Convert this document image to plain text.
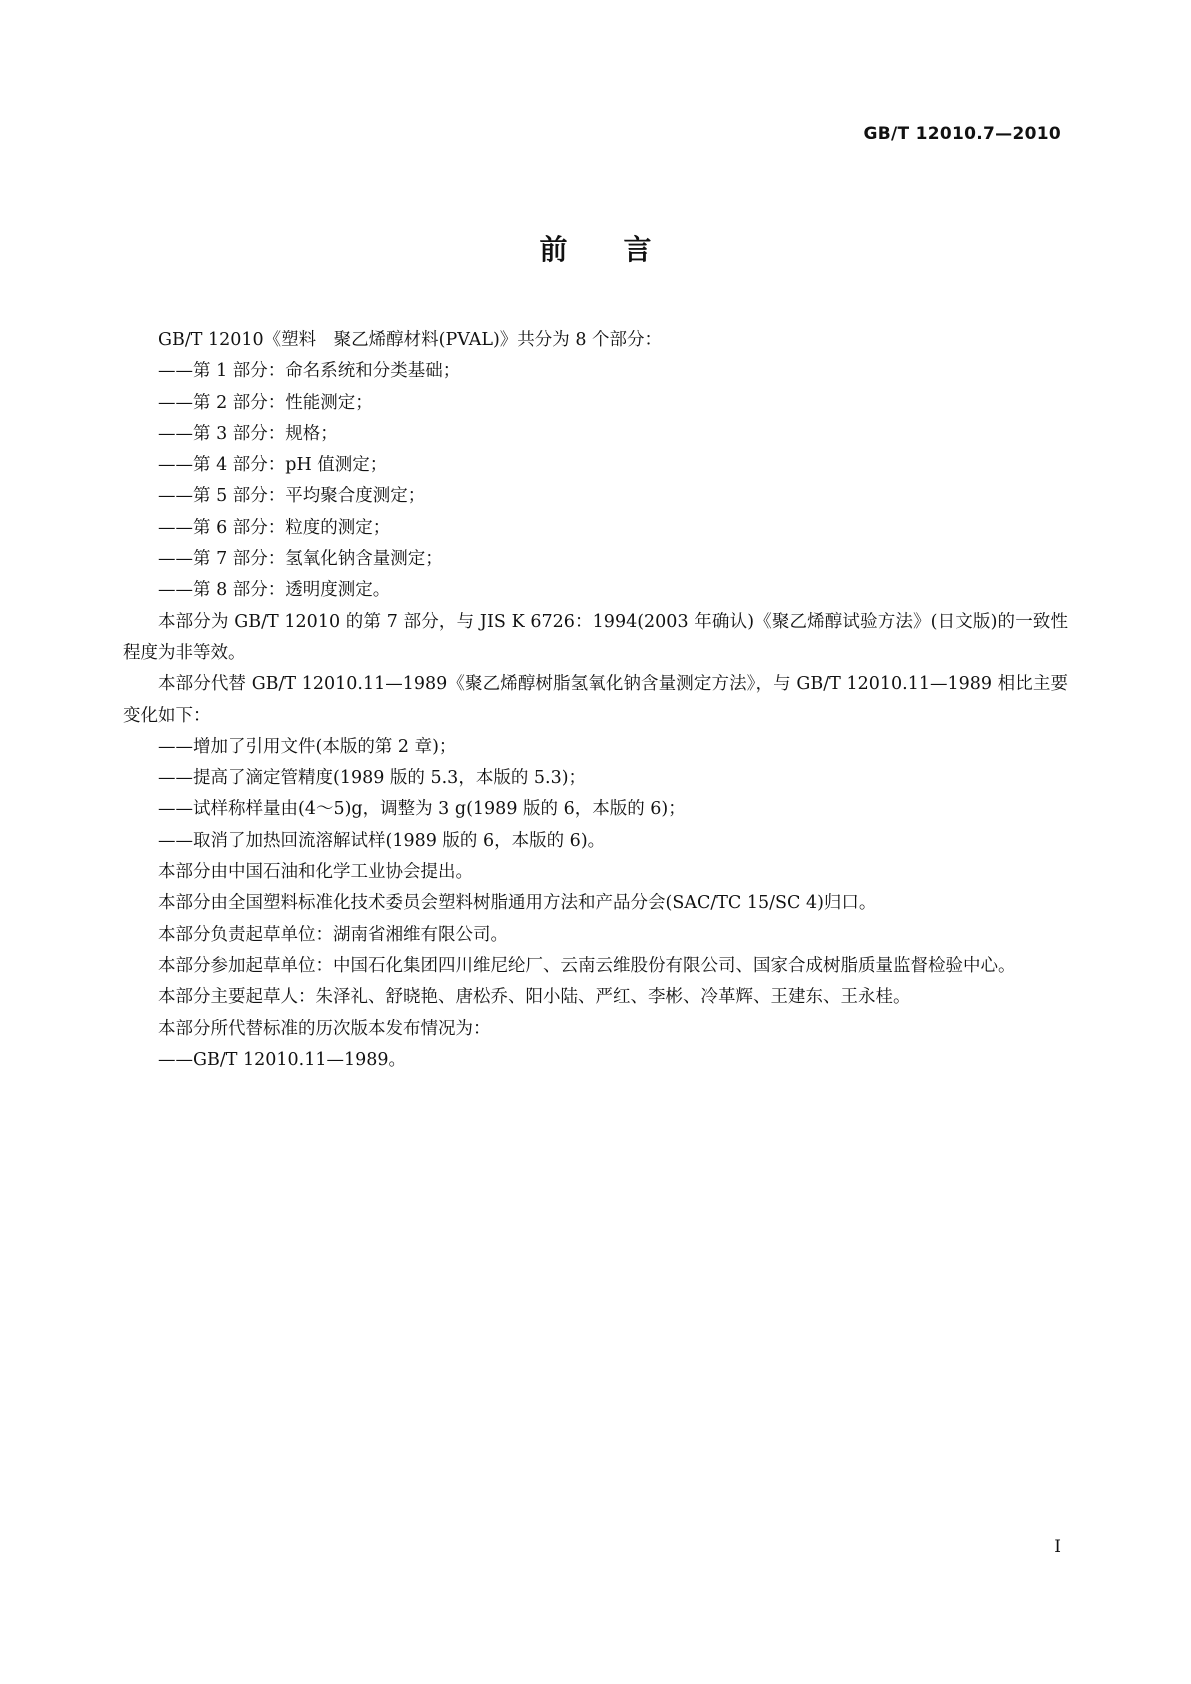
GB/T 12010.7—2010
前言

GB/T 12010《塑料　聚乙烯醇材料(PVAL)》共分为 8 个部分：

——第 1 部分：命名系统和分类基础；

——第 2 部分：性能测定；

——第 3 部分：规格；

——第 4 部分：pH 值测定；

——第 5 部分：平均聚合度测定；

——第 6 部分：粒度的测定；

——第 7 部分：氢氧化钠含量测定；

——第 8 部分：透明度测定。

本部分为 GB/T 12010 的第 7 部分，与 JIS K 6726：1994(2003 年确认)《聚乙烯醇试验方法》(日文版)的一致性程度为非等效。

本部分代替 GB/T 12010.11—1989《聚乙烯醇树脂氢氧化钠含量测定方法》，与 GB/T 12010.11—1989 相比主要变化如下：

——增加了引用文件(本版的第 2 章)；

——提高了滴定管精度(1989 版的 5.3，本版的 5.3)；

——试样称样量由(4～5)g，调整为 3 g(1989 版的 6，本版的 6)；

——取消了加热回流溶解试样(1989 版的 6，本版的 6)。

本部分由中国石油和化学工业协会提出。

本部分由全国塑料标准化技术委员会塑料树脂通用方法和产品分会(SAC/TC 15/SC 4)归口。

本部分负责起草单位：湖南省湘维有限公司。

本部分参加起草单位：中国石化集团四川维尼纶厂、云南云维股份有限公司、国家合成树脂质量监督检验中心。

本部分主要起草人：朱泽礼、舒晓艳、唐松乔、阳小陆、严红、李彬、冷革辉、王建东、王永桂。

本部分所代替标准的历次版本发布情况为：

——GB/T 12010.11—1989。

I
